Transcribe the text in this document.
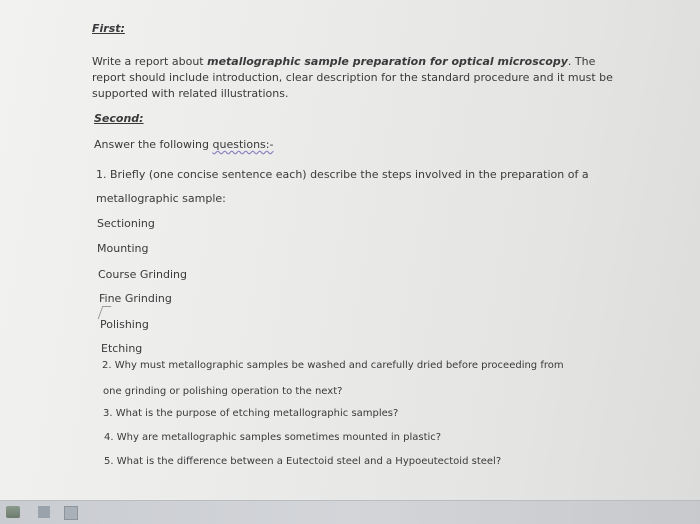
First:
Write a report about metallographic sample preparation for optical microscopy. The report should include introduction, clear description for the standard procedure and it must be supported with related illustrations.
Second:
Answer the following questions:-
1. Briefly (one concise sentence each) describe the steps involved in the preparation of a
metallographic sample:
Sectioning
Mounting
Course Grinding
Fine Grinding
Polishing
Etching
2. Why must metallographic samples be washed and carefully dried before proceeding from
one grinding or polishing operation to the next?
3. What is the purpose of etching metallographic samples?
4. Why are metallographic samples sometimes mounted in plastic?
5. What is the difference between a Eutectoid steel and a Hypoeutectoid steel?
